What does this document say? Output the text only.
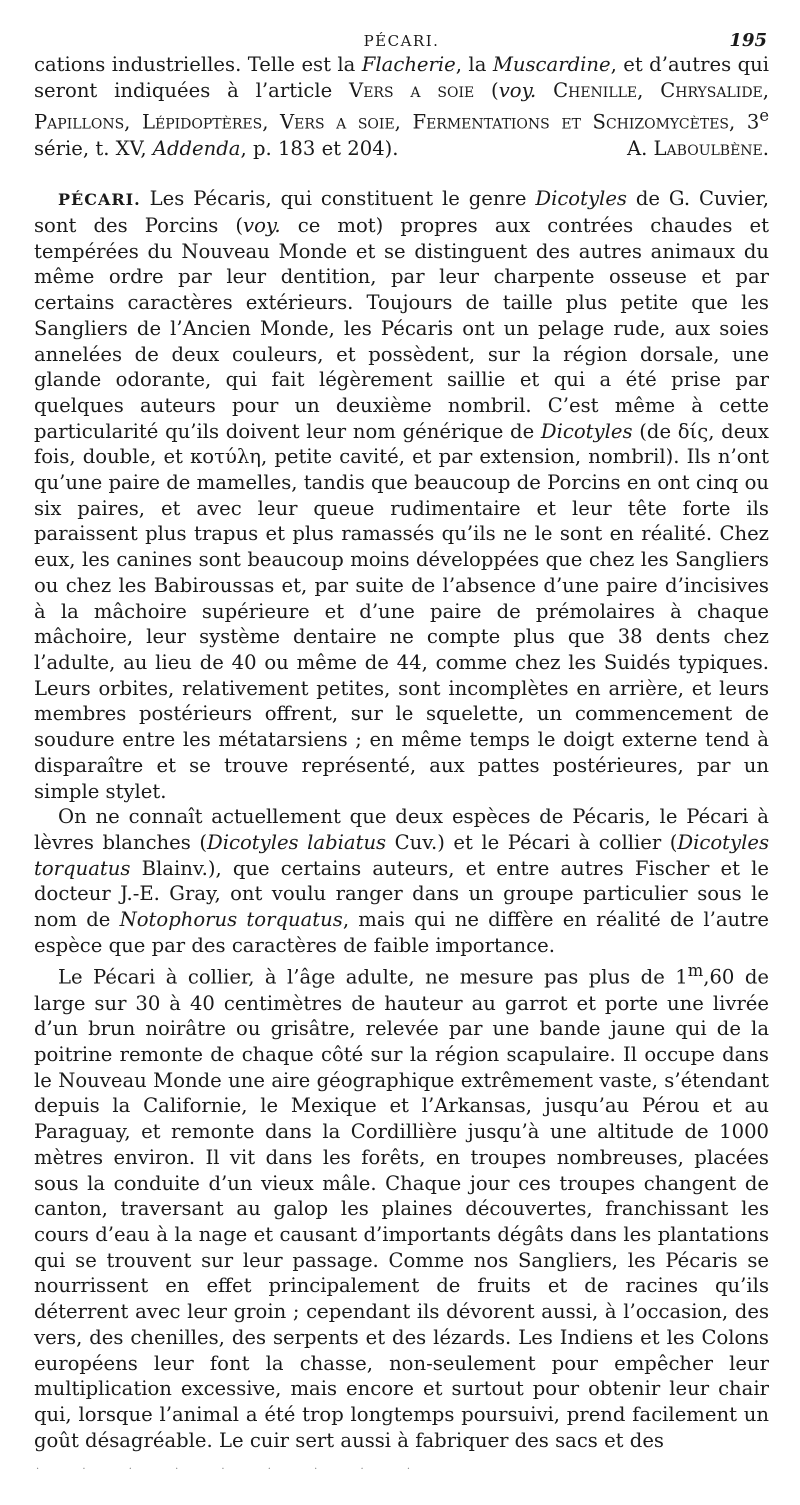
PÉCARI.	195

cations industrielles. Telle est la Flacherie, la Muscardine, et d’autres qui seront indiquées à l’article Vers a soie (voy. Chenille, Chrysalide, Papillons, Lépidoptères, Vers a soie, Fermentations et Schizomycètes, 3e série, t. XV, Addenda, p. 183 et 204).	A. Laboulbène.

PÉCARI. Les Pécaris, qui constituent le genre Dicotyles de G. Cuvier, sont des Porcins (voy. ce mot) propres aux contrées chaudes et tempérées du Nouveau Monde et se distinguent des autres animaux du même ordre par leur dentition, par leur charpente osseuse et par certains caractères extérieurs. Toujours de taille plus petite que les Sangliers de l’Ancien Monde, les Pécaris ont un pelage rude, aux soies annelées de deux couleurs, et possèdent, sur la région dorsale, une glande odorante, qui fait légèrement saillie et qui a été prise par quelques auteurs pour un deuxième nombril. C’est même à cette particularité qu’ils doivent leur nom générique de Dicotyles (de δίς, deux fois, double, et κοτύλη, petite cavité, et par extension, nombril). Ils n’ont qu’une paire de mamelles, tandis que beaucoup de Porcins en ont cinq ou six paires, et avec leur queue rudimentaire et leur tête forte ils paraissent plus trapus et plus ramassés qu’ils ne le sont en réalité. Chez eux, les canines sont beaucoup moins développées que chez les Sangliers ou chez les Babiroussas et, par suite de l’absence d’une paire d’incisives à la mâchoire supérieure et d’une paire de prémolaires à chaque mâchoire, leur système dentaire ne compte plus que 38 dents chez l’adulte, au lieu de 40 ou même de 44, comme chez les Suidés typiques. Leurs orbites, relativement petites, sont incomplètes en arrière, et leurs membres postérieurs offrent, sur le squelette, un commencement de soudure entre les métatarsiens ; en même temps le doigt externe tend à disparaître et se trouve représenté, aux pattes postérieures, par un simple stylet.

On ne connaît actuellement que deux espèces de Pécaris, le Pécari à lèvres blanches (Dicotyles labiatus Cuv.) et le Pécari à collier (Dicotyles torquatus Blainv.), que certains auteurs, et entre autres Fischer et le docteur J.-E. Gray, ont voulu ranger dans un groupe particulier sous le nom de Notophorus torquatus, mais qui ne diffère en réalité de l’autre espèce que par des caractères de faible importance.

Le Pécari à collier, à l’âge adulte, ne mesure pas plus de 1$^m$,60 de large sur 30 à 40 centimètres de hauteur au garrot et porte une livrée d’un brun noirâtre ou grisâtre, relevée par une bande jaune qui de la poitrine remonte de chaque côté sur la région scapulaire. Il occupe dans le Nouveau Monde une aire géographique extrêmement vaste, s’étendant depuis la Californie, le Mexique et l’Arkansas, jusqu’au Pérou et au Paraguay, et remonte dans la Cordillière jusqu’à une altitude de 1000 mètres environ. Il vit dans les forêts, en troupes nombreuses, placées sous la conduite d’un vieux mâle. Chaque jour ces troupes changent de canton, traversant au galop les plaines découvertes, franchissant les cours d’eau à la nage et causant d’importants dégâts dans les plantations qui se trouvent sur leur passage. Comme nos Sangliers, les Pécaris se nourrissent en effet principalement de fruits et de racines qu’ils déterrent avec leur groin ; cependant ils dévorent aussi, à l’occasion, des vers, des chenilles, des serpents et des lézards. Les Indiens et les Colons européens leur font la chasse, non-seulement pour empêcher leur multiplication excessive, mais encore et surtout pour obtenir leur chair qui, lorsque l’animal a été trop longtemps poursuivi, prend facilement un goût désagréable. Le cuir sert aussi à fabriquer des sacs et des

· · · · · · · · ·
